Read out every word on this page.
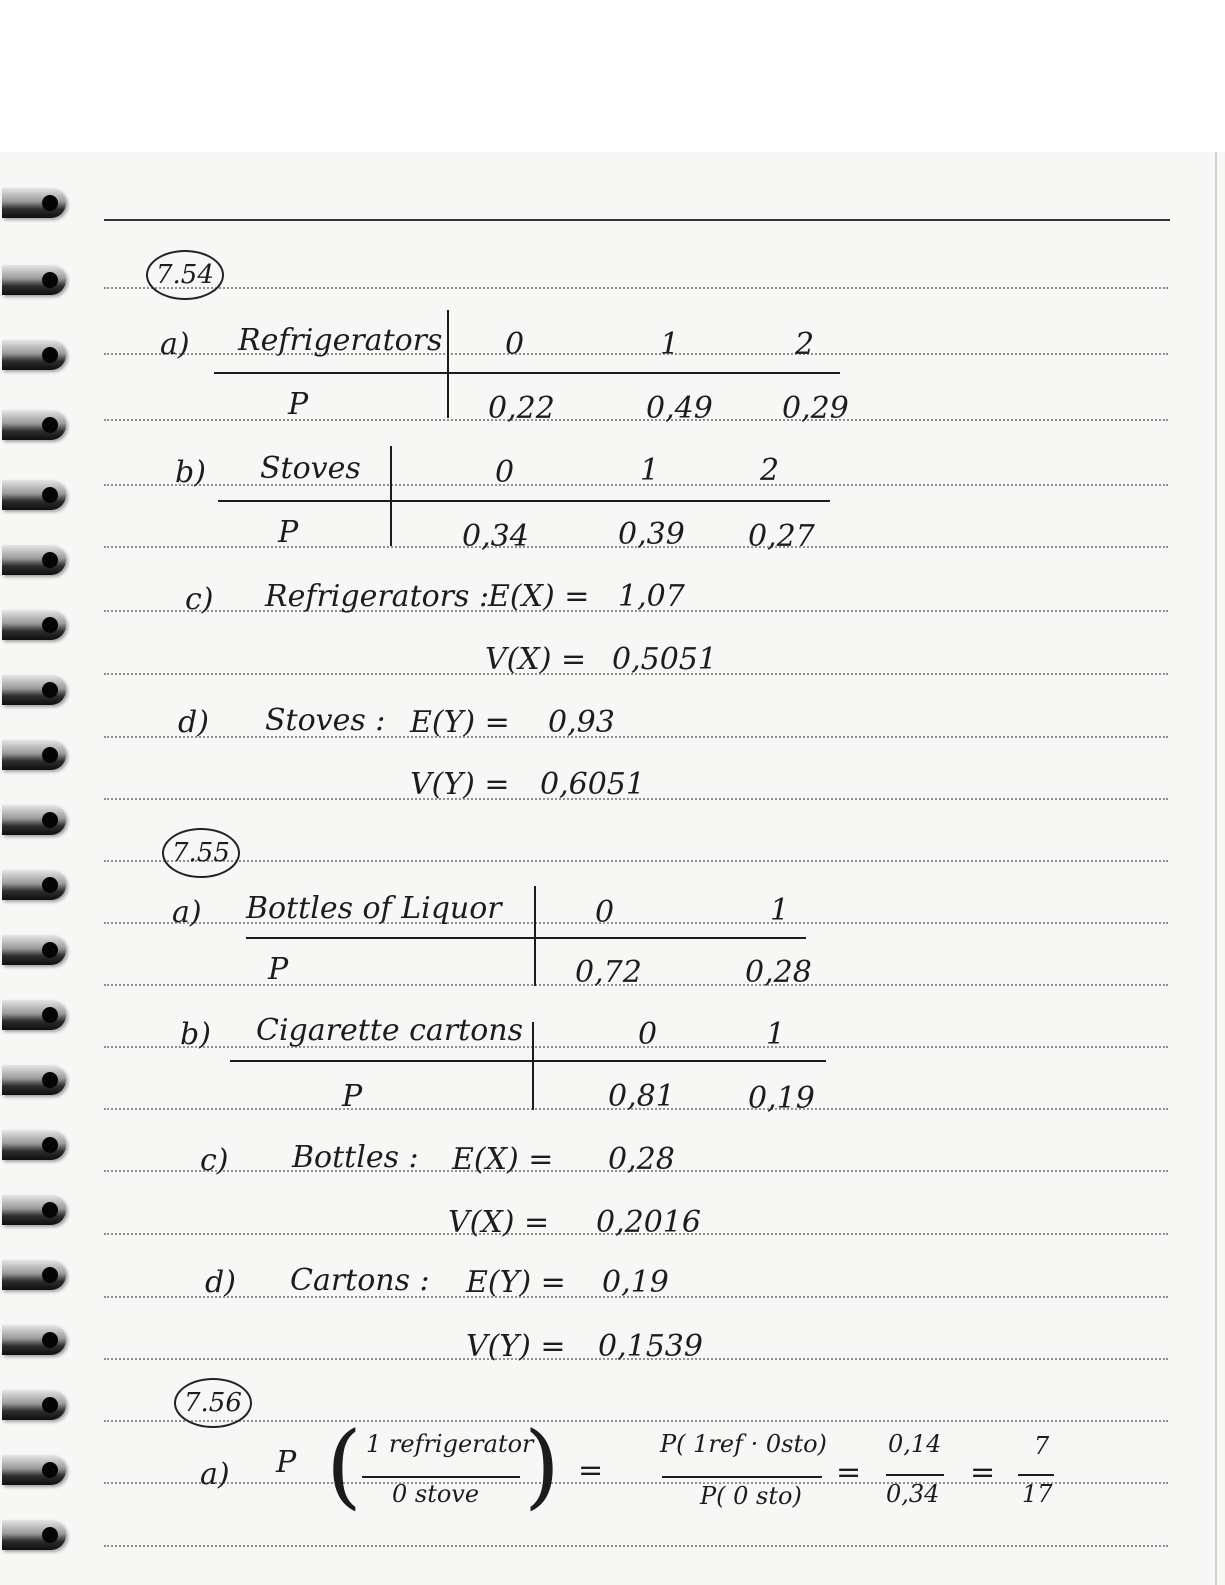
7.54
a) Refrigerators 0	1	2
P	0,22	0,49 0,29
b) Stoves	0	1	2
P	0,34	0,39 0,27
c) Refrigerators :
E(X) = 1,07
V(X) = 0,5051
d) Stoves : E(Y) = 0,93
V(Y) = 0,6051
7.55
a) Bottles of Liquor	0	1
P	0,72	0,28
b) Cigarette cartons	0	1
P	0,81 0,19
c) Bottles : E(X) = 0,28
V(X) = 0,2016
d) Cartons : E(Y) = 0,19
V(Y) = 0,1539
7.56
a) P ( 1 refrigerator
0 stove ) =
P( 1ref · 0sto)
P( 0 sto)
=
0,14
0,34
=
7
17
